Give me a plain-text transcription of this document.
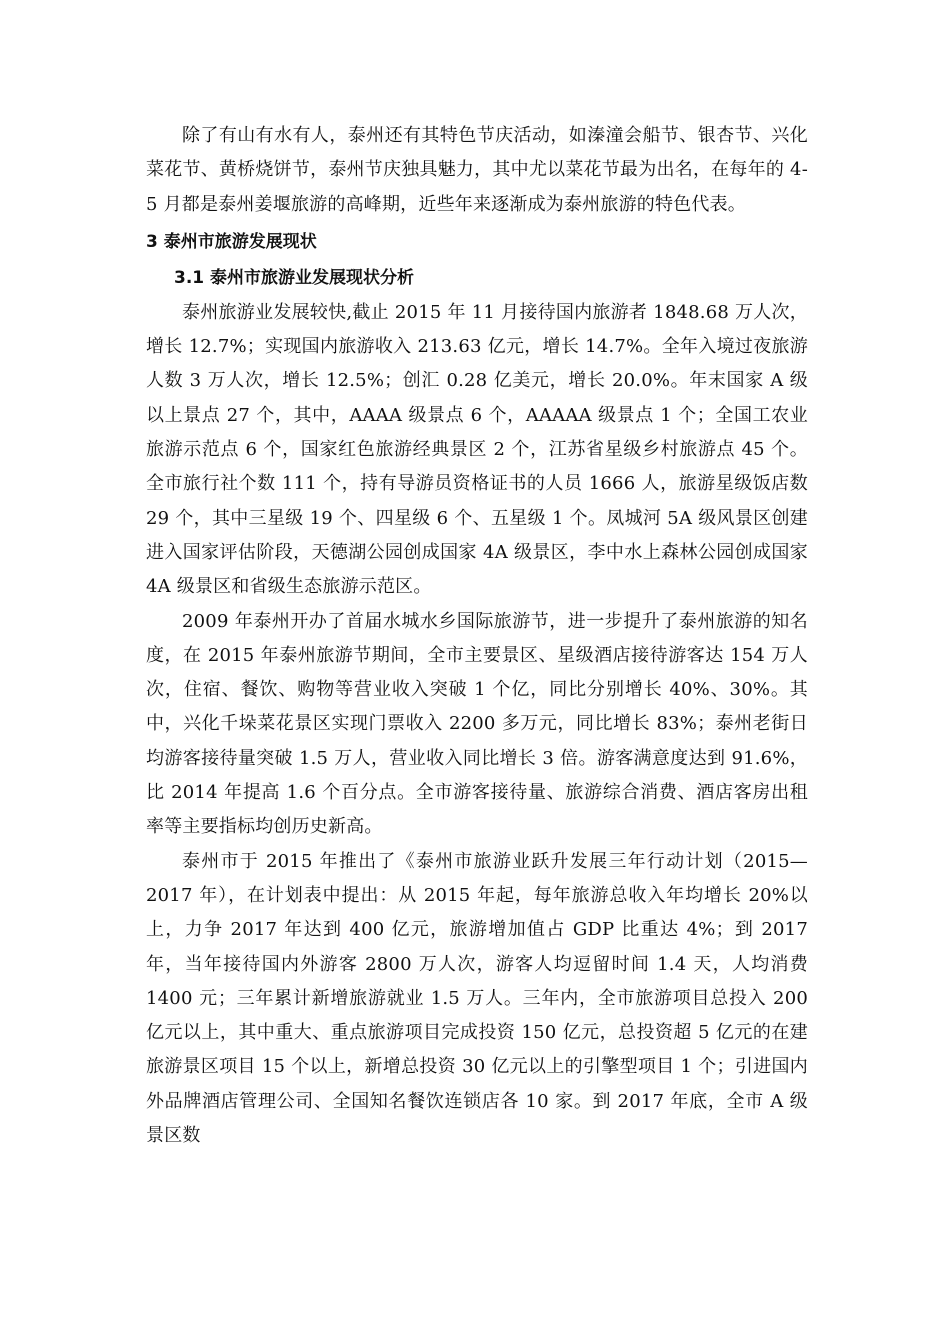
除了有山有水有人，泰州还有其特色节庆活动，如溱潼会船节、银杏节、兴化菜花节、黄桥烧饼节，泰州节庆独具魅力，其中尤以菜花节最为出名，在每年的 4-5 月都是泰州姜堰旅游的高峰期，近些年来逐渐成为泰州旅游的特色代表。

3 泰州市旅游发展现状
3.1 泰州市旅游业发展现状分析

泰州旅游业发展较快,截止 2015 年 11 月接待国内旅游者 1848.68 万人次，增长 12.7%；实现国内旅游收入 213.63 亿元，增长 14.7%。全年入境过夜旅游人数 3 万人次，增长 12.5%；创汇 0.28 亿美元，增长 20.0%。年末国家 A 级以上景点 27 个，其中，AAAA 级景点 6 个，AAAAA 级景点 1 个；全国工农业旅游示范点 6 个，国家红色旅游经典景区 2 个，江苏省星级乡村旅游点 45 个。全市旅行社个数 111 个，持有导游员资格证书的人员 1666 人，旅游星级饭店数 29 个，其中三星级 19 个、四星级 6 个、五星级 1 个。凤城河 5A 级风景区创建进入国家评估阶段，天德湖公园创成国家 4A 级景区，李中水上森林公园创成国家 4A 级景区和省级生态旅游示范区。

2009 年泰州开办了首届水城水乡国际旅游节，进一步提升了泰州旅游的知名度，在 2015 年泰州旅游节期间，全市主要景区、星级酒店接待游客达 154 万人次，住宿、餐饮、购物等营业收入突破 1 个亿，同比分别增长 40%、30%。其中，兴化千垛菜花景区实现门票收入 2200 多万元，同比增长 83%；泰州老街日均游客接待量突破 1.5 万人，营业收入同比增长 3 倍。游客满意度达到 91.6%，比 2014 年提高 1.6 个百分点。全市游客接待量、旅游综合消费、酒店客房出租率等主要指标均创历史新高。

泰州市于 2015 年推出了《泰州市旅游业跃升发展三年行动计划（2015—2017 年），在计划表中提出：从 2015 年起，每年旅游总收入年均增长 20%以上，力争 2017 年达到 400 亿元，旅游增加值占 GDP 比重达 4%；到 2017 年，当年接待国内外游客 2800 万人次，游客人均逗留时间 1.4 天，人均消费 1400 元；三年累计新增旅游就业 1.5 万人。三年内，全市旅游项目总投入 200 亿元以上，其中重大、重点旅游项目完成投资 150 亿元，总投资超 5 亿元的在建旅游景区项目 15 个以上，新增总投资 30 亿元以上的引擎型项目 1 个；引进国内外品牌酒店管理公司、全国知名餐饮连锁店各 10 家。到 2017 年底，全市 A 级景区数
